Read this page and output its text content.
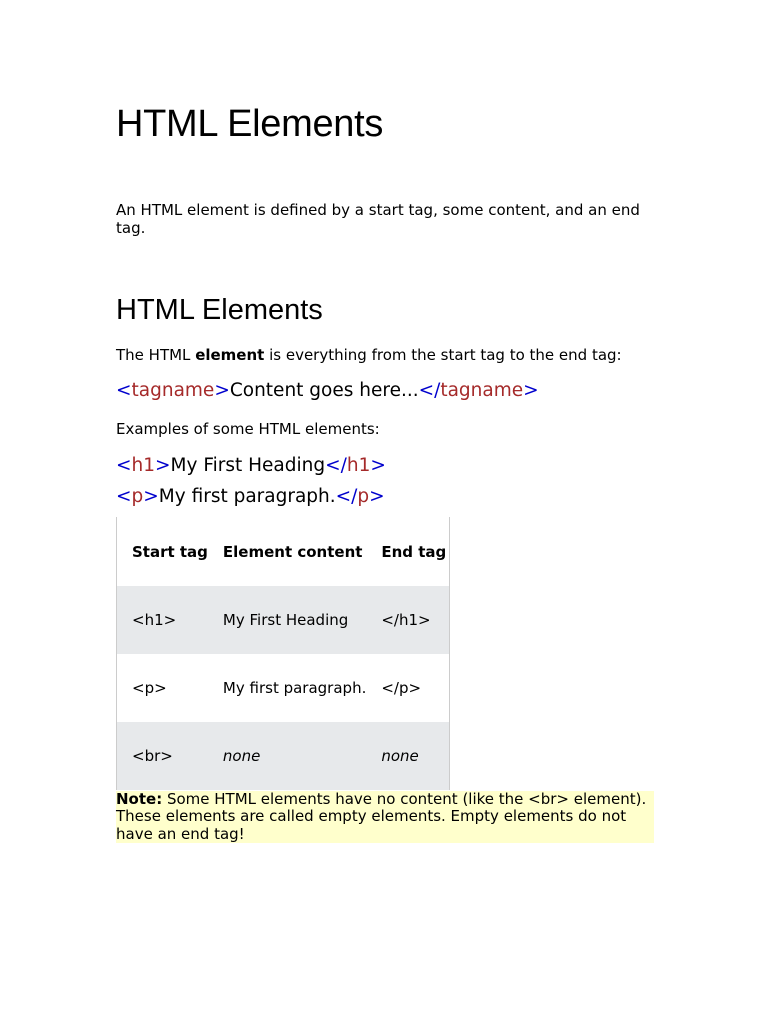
HTML Elements

An HTML element is defined by a start tag, some content, and an end tag.

HTML Elements

The HTML element is everything from the start tag to the end tag:

<tagname>Content goes here...</tagname>

Examples of some HTML elements:

<h1>My First Heading</h1>
<p>My first paragraph.</p>
Start tag	Element content	End tag
<h1>	My First Heading	</h1>
<p>	My first paragraph.	</p>
<br>	none	none
Note: Some HTML elements have no content (like the <br> element). These elements are called empty elements. Empty elements do not have an end tag!
